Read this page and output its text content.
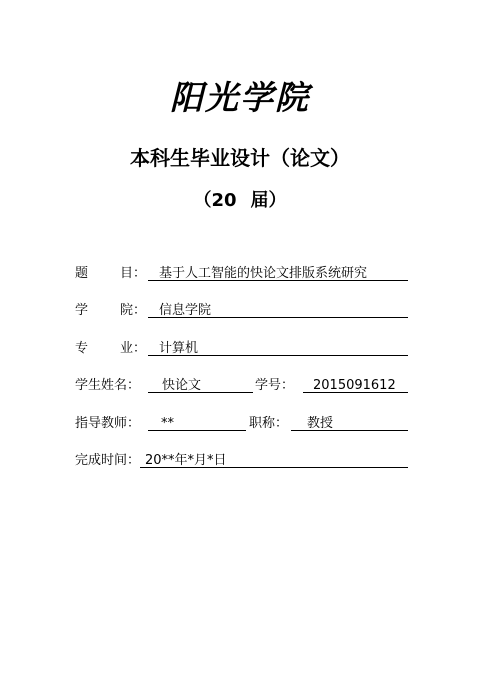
阳光学院
本科生毕业设计（论文）
（20 届）
题 目： 基于人工智能的快论文排版系统研究
学 院： 信息学院
专 业： 计算机
学生姓名： 快论文	学号： 2015091612
指导教师： **	职称： 教授
完成时间： 20**年*月*日
